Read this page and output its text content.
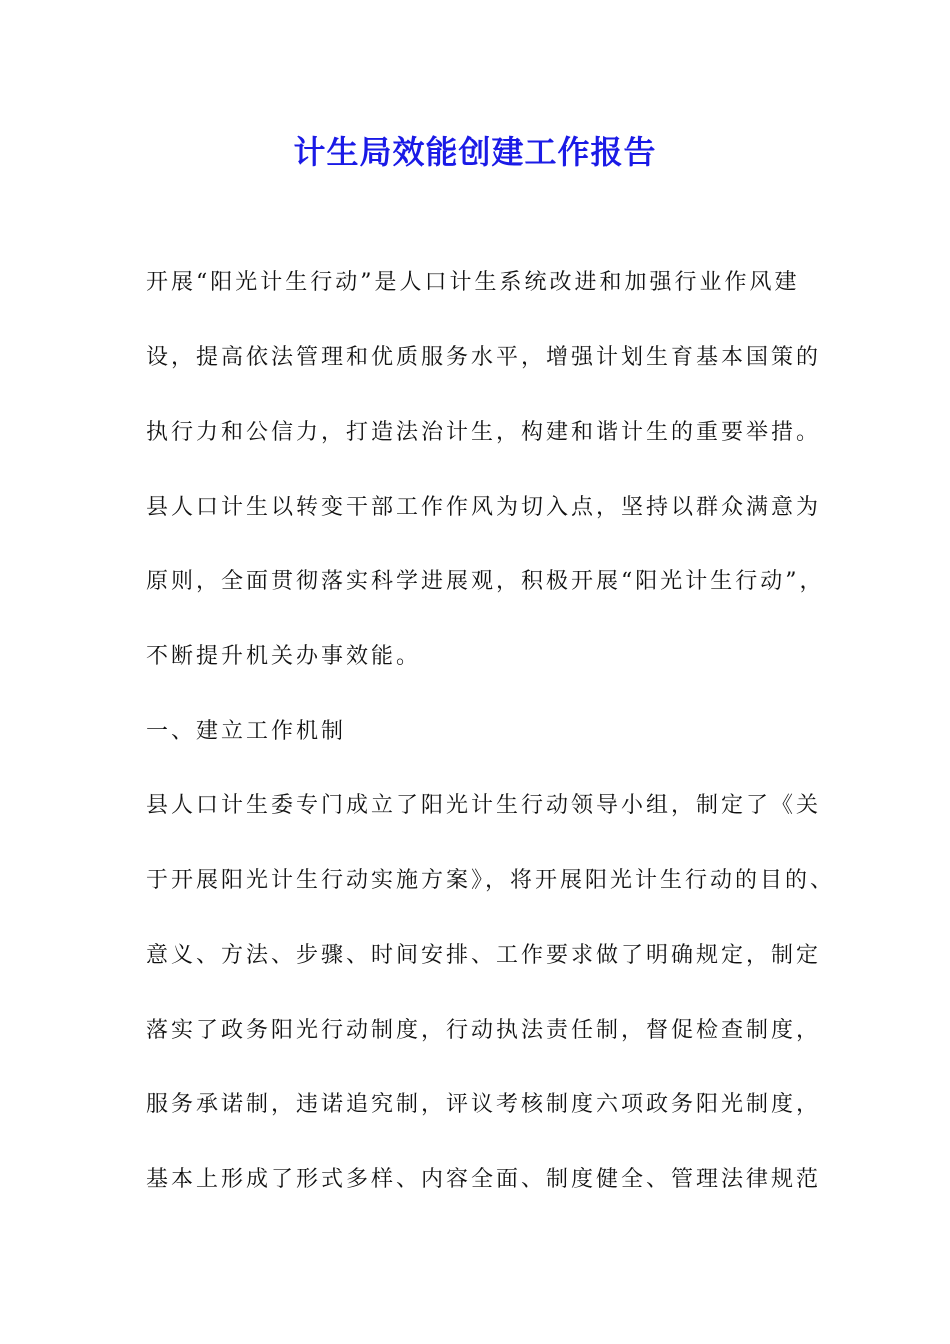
计生局效能创建工作报告
开展“阳光计生行动”是人口计生系统改进和加强行业作风建
设，提高依法管理和优质服务水平，增强计划生育基本国策的
执行力和公信力，打造法治计生，构建和谐计生的重要举措。
县人口计生以转变干部工作作风为切入点，坚持以群众满意为
原则，全面贯彻落实科学进展观，积极开展“阳光计生行动”，
不断提升机关办事效能。
一、建立工作机制
县人口计生委专门成立了阳光计生行动领导小组，制定了《关
于开展阳光计生行动实施方案》，将开展阳光计生行动的目的、
意义、方法、步骤、时间安排、工作要求做了明确规定，制定
落实了政务阳光行动制度，行动执法责任制，督促检查制度，
服务承诺制，违诺追究制，评议考核制度六项政务阳光制度，
基本上形成了形式多样、内容全面、制度健全、管理法律规范
